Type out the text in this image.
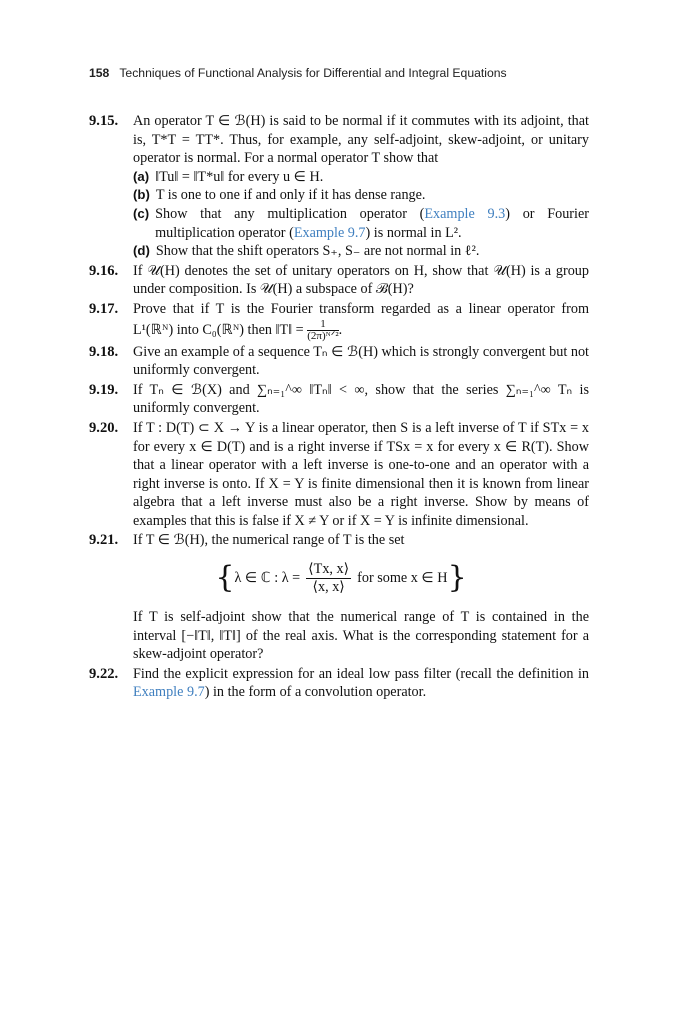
158 Techniques of Functional Analysis for Differential and Integral Equations
9.15.	An operator T ∈ ℬ(H) is said to be normal if it commutes with its adjoint, that is, T*T = TT*. Thus, for example, any self-adjoint, skew-adjoint, or unitary operator is normal. For a normal operator T show that

(a) ‖Tu‖ = ‖T*u‖ for every u ∈ H.
(b) T is one to one if and only if it has dense range.
(c) Show that any multiplication operator (Example 9.3) or Fourier multiplication operator (Example 9.7) is normal in L².
(d) Show that the shift operators S₊, S₋ are not normal in ℓ².
9.16.	If 𝒰(H) denotes the set of unitary operators on H, show that 𝒰(H) is a group under composition. Is 𝒰(H) a subspace of ℬ(H)?

9.17.	Prove that if T is the Fourier transform regarded as a linear operator from L¹(ℝᴺ) into C₀(ℝᴺ) then ‖T‖ = $\frac{1}{\text{(2π)ᴺᐟ²}}$ .

9.18.	Give an example of a sequence Tₙ ∈ ℬ(H) which is strongly convergent but not uniformly convergent.

9.19.	If Tₙ ∈ ℬ(X) and ∑ₙ₌₁^∞ ‖Tₙ‖ < ∞, show that the series ∑ₙ₌₁^∞ Tₙ is uniformly convergent.

9.20.	If T : D(T) ⊂ X → Y is a linear operator, then S is a left inverse of T if STx = x for every x ∈ D(T) and is a right inverse if TSx = x for every x ∈ R(T). Show that a linear operator with a left inverse is one-to-one and an operator with a right inverse is onto. If X = Y is finite dimensional then it is known from linear algebra that a left inverse must also be a right inverse. Show by means of examples that this is false if X ≠ Y or if X = Y is infinite dimensional.

9.21.	If T ∈ ℬ(H), the numerical range of T is the set

{ λ ∈ ℂ : $\lambda = \frac{⟨Tx, x⟩}{⟨x, x⟩}$ for some x ∈ H }

If T is self-adjoint show that the numerical range of T is contained in the interval [−‖T‖, ‖T‖] of the real axis. What is the corresponding statement for a skew-adjoint operator?

9.22.	Find the explicit expression for an ideal low pass filter (recall the definition in Example 9.7) in the form of a convolution operator.
